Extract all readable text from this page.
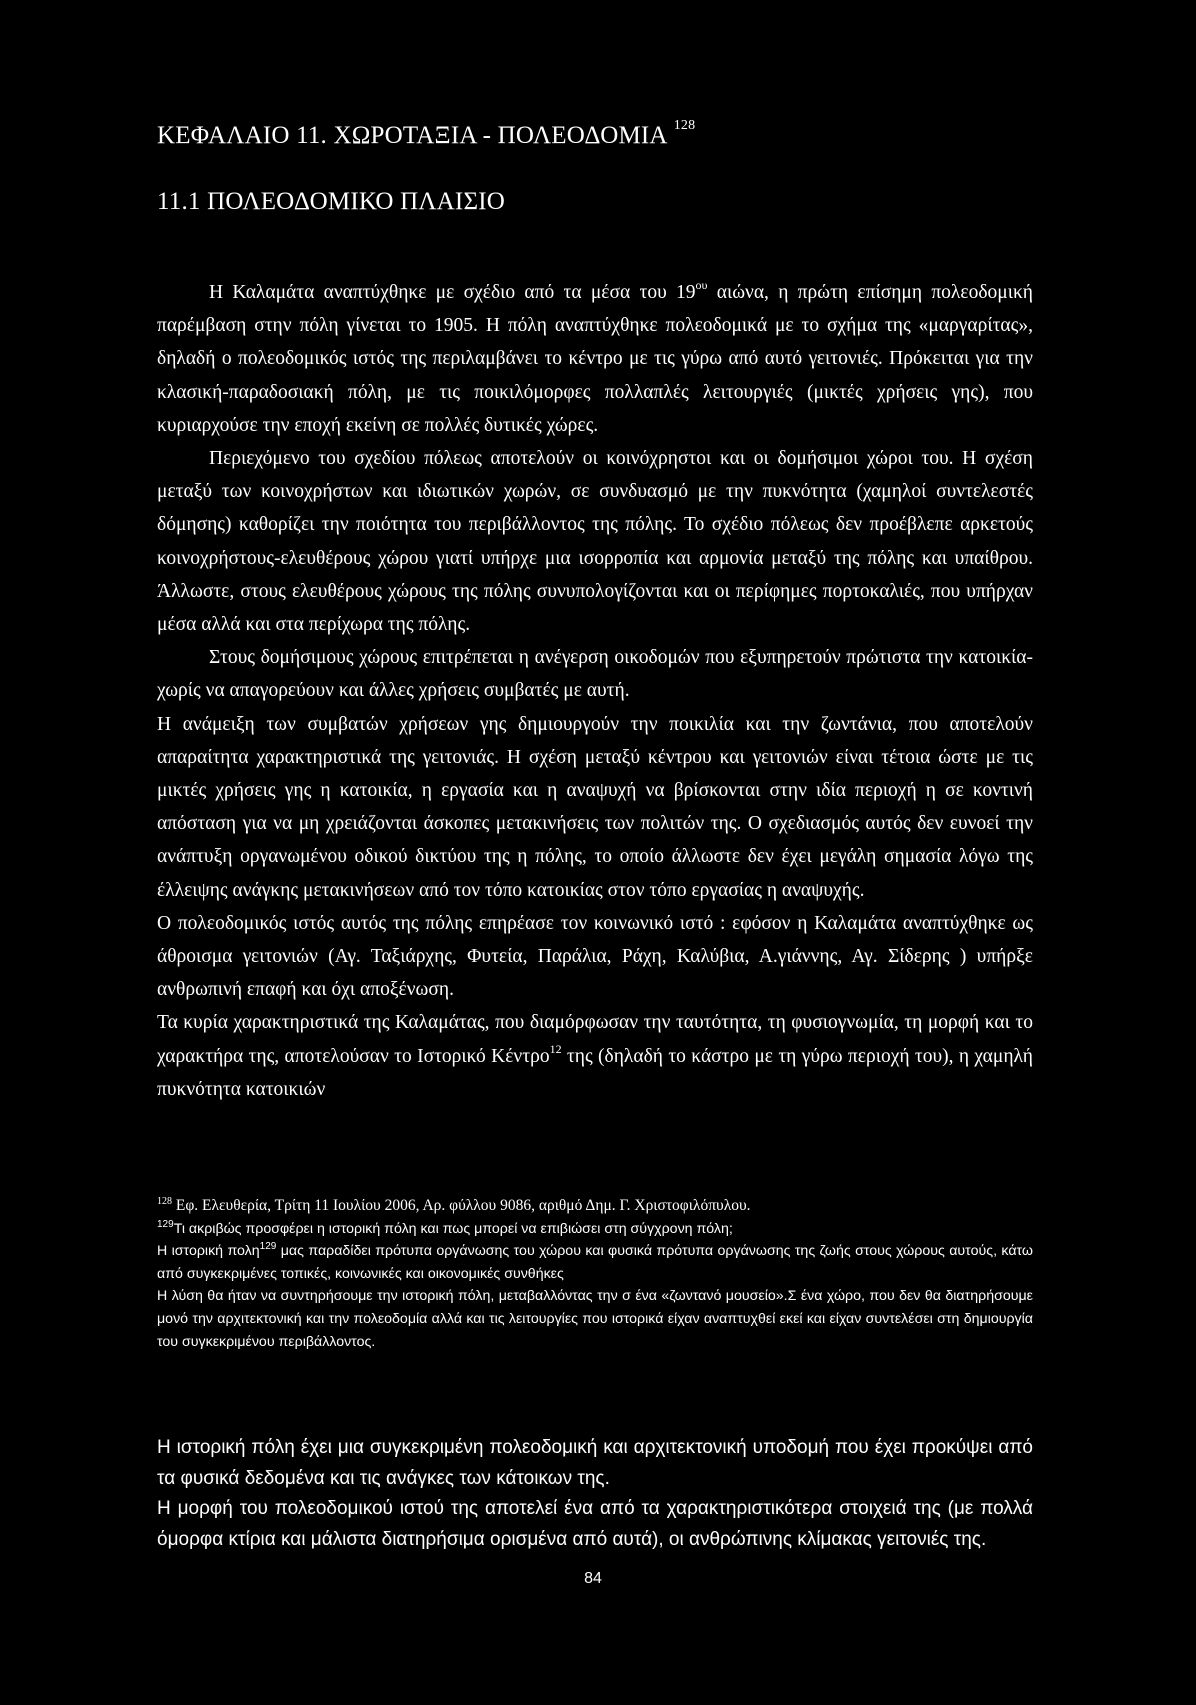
ΚΕΦΑΛΑΙΟ 11. ΧΩΡΟΤΑΞΙΑ - ΠΟΛΕΟΔΟΜΙΑ $^{128}$
11.1 ΠΟΛΕΟΔΟΜΙΚΟ ΠΛΑΙΣΙΟ

Η Καλαμάτα αναπτύχθηκε με σχέδιο από τα μέσα του $19^{o\upsilon}$ αιώνα, η πρώτη επίσημη πολεοδομική παρέμβαση στην πόλη γίνεται το 1905. Η πόλη αναπτύχθηκε πολεοδομικά με το σχήμα της «μαργαρίτας», δηλαδή ο πολεοδομικός ιστός της περιλαμβάνει το κέντρο με τις γύρω από αυτό γειτονιές. Πρόκειται για την κλασική-παραδοσιακή πόλη, με τις ποικιλόμορφες πολλαπλές λειτουργιές (μικτές χρήσεις γης), που κυριαρχούσε την εποχή εκείνη σε πολλές δυτικές χώρες.

Περιεχόμενο του σχεδίου πόλεως αποτελούν οι κοινόχρηστοι και οι δομήσιμοι χώροι του. Η σχέση μεταξύ των κοινοχρήστων και ιδιωτικών χωρών, σε συνδυασμό με την πυκνότητα (χαμηλοί συντελεστές δόμησης) καθορίζει την ποιότητα του περιβάλλοντος της πόλης. Το σχέδιο πόλεως δεν προέβλεπε αρκετούς κοινοχρήστους-ελευθέρους χώρου γιατί υπήρχε μια ισορροπία και αρμονία μεταξύ της πόλης και υπαίθρου. Άλλωστε, στους ελευθέρους χώρους της πόλης συνυπολογίζονται και οι περίφημες πορτοκαλιές, που υπήρχαν μέσα αλλά και στα περίχωρα της πόλης.

Στους δομήσιμους χώρους επιτρέπεται η ανέγερση οικοδομών που εξυπηρετούν πρώτιστα την κατοικία-χωρίς να απαγορεύουν και άλλες χρήσεις συμβατές με αυτή.

Η ανάμειξη των συμβατών χρήσεων γης δημιουργούν την ποικιλία και την ζωντάνια, που αποτελούν απαραίτητα χαρακτηριστικά της γειτονιάς. Η σχέση μεταξύ κέντρου και γειτονιών είναι τέτοια ώστε με τις μικτές χρήσεις γης η κατοικία, η εργασία και η αναψυχή να βρίσκονται στην ιδία περιοχή η σε κοντινή απόσταση για να μη χρειάζονται άσκοπες μετακινήσεις των πολιτών της. Ο σχεδιασμός αυτός δεν ευνοεί την ανάπτυξη οργανωμένου οδικού δικτύου της η πόλης, το οποίο άλλωστε δεν έχει μεγάλη σημασία λόγω της έλλειψης ανάγκης μετακινήσεων από τον τόπο κατοικίας στον τόπο εργασίας η αναψυχής.

Ο πολεοδομικός ιστός αυτός της πόλης επηρέασε τον κοινωνικό ιστό : εφόσον η Καλαμάτα αναπτύχθηκε ως άθροισμα γειτονιών (Αγ. Ταξιάρχης, Φυτεία, Παράλια, Ράχη, Καλύβια, Α.γιάννης, Αγ. Σίδερης ) υπήρξε ανθρωπινή επαφή και όχι αποξένωση.

Τα κυρία χαρακτηριστικά της Καλαμάτας, που διαμόρφωσαν την ταυτότητα, τη φυσιογνωμία, τη μορφή και το χαρακτήρα της, αποτελούσαν το Ιστορικό Κέντρο$^{12}$ της (δηλαδή το κάστρο με τη γύρω περιοχή του), η χαμηλή πυκνότητα κατοικιών

$^{128}$ Εφ. Ελευθερία, Τρίτη 11 Ιουλίου 2006, Αρ. φύλλου 9086, αριθμό Δημ. Γ. Χριστοφιλόπυλου.

$^{129}$Τι ακριβώς προσφέρει η ιστορική πόλη και πως μπορεί να επιβιώσει στη σύγχρονη πόλη;

Η ιστορική πολη$^{129}$ μας παραδίδει πρότυπα οργάνωσης του χώρου και φυσικά πρότυπα οργάνωσης της ζωής στους χώρους αυτούς, κάτω από συγκεκριμένες τοπικές, κοινωνικές και οικονομικές συνθήκες

Η λύση θα ήταν να συντηρήσουμε την ιστορική πόλη, μεταβαλλόντας την σ ένα «ζωντανό μουσείο».Σ ένα χώρο, που δεν θα διατηρήσουμε μονό την αρχιτεκτονική και την πολεοδομία αλλά και τις λειτουργίες που ιστορικά είχαν αναπτυχθεί εκεί και είχαν συντελέσει στη δημιουργία του συγκεκριμένου περιβάλλοντος.

Η ιστορική πόλη έχει μια συγκεκριμένη πολεοδομική και αρχιτεκτονική υποδομή που έχει προκύψει από τα φυσικά δεδομένα και τις ανάγκες των κάτοικων της.

Η μορφή του πολεοδομικού ιστού της αποτελεί ένα από τα χαρακτηριστικότερα στοιχειά της (με πολλά όμορφα κτίρια και μάλιστα διατηρήσιμα ορισμένα από αυτά), οι ανθρώπινης κλίμακας γειτονιές της.

84
